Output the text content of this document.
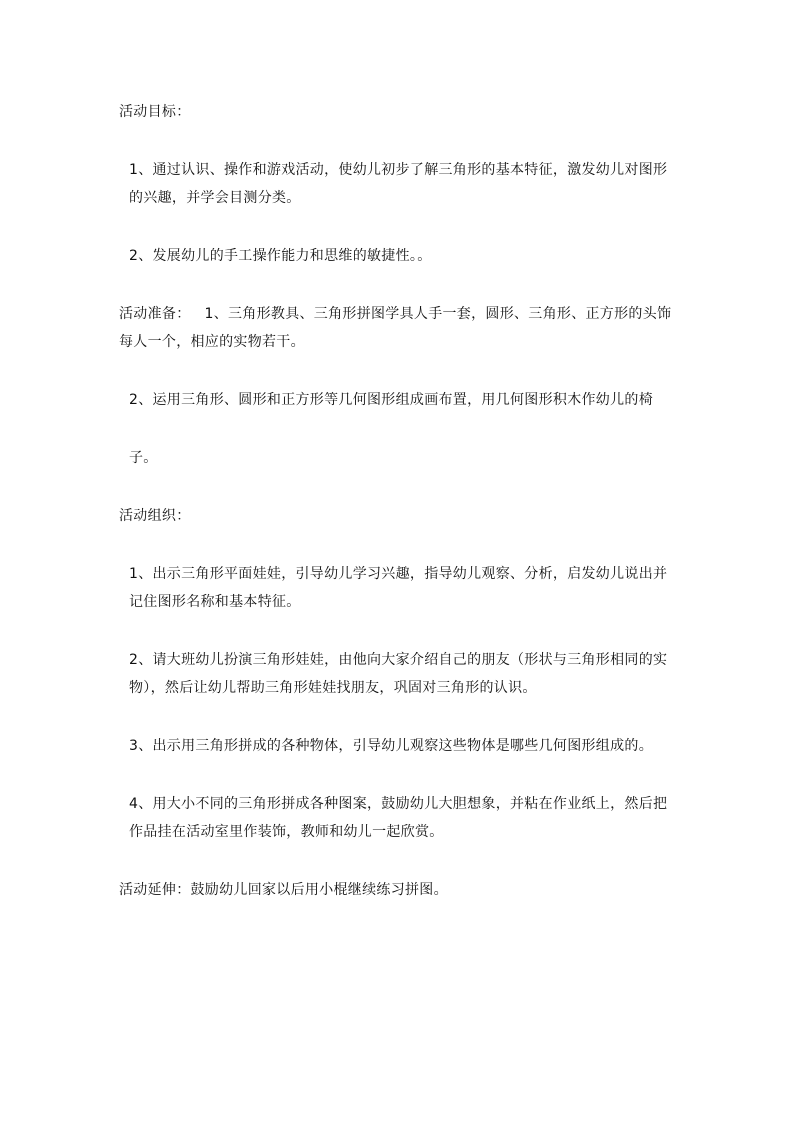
活动目标：

1、通过认识、操作和游戏活动，使幼儿初步了解三角形的基本特征，激发幼儿对图形的兴趣，并学会目测分类。

2、发展幼儿的手工操作能力和思维的敏捷性。。

活动准备： 1、三角形教具、三角形拼图学具人手一套，圆形、三角形、正方形的头饰每人一个，相应的实物若干。

2、运用三角形、圆形和正方形等几何图形组成画布置，用几何图形积木作幼儿的椅

子。

活动组织：

1、出示三角形平面娃娃，引导幼儿学习兴趣，指导幼儿观察、分析，启发幼儿说出并记住图形名称和基本特征。

2、请大班幼儿扮演三角形娃娃，由他向大家介绍自己的朋友（形状与三角形相同的实物），然后让幼儿帮助三角形娃娃找朋友，巩固对三角形的认识。

3、出示用三角形拼成的各种物体，引导幼儿观察这些物体是哪些几何图形组成的。

4、用大小不同的三角形拼成各种图案，鼓励幼儿大胆想象，并粘在作业纸上，然后把作品挂在活动室里作装饰，教师和幼儿一起欣赏。

活动延伸：鼓励幼儿回家以后用小棍继续练习拼图。
